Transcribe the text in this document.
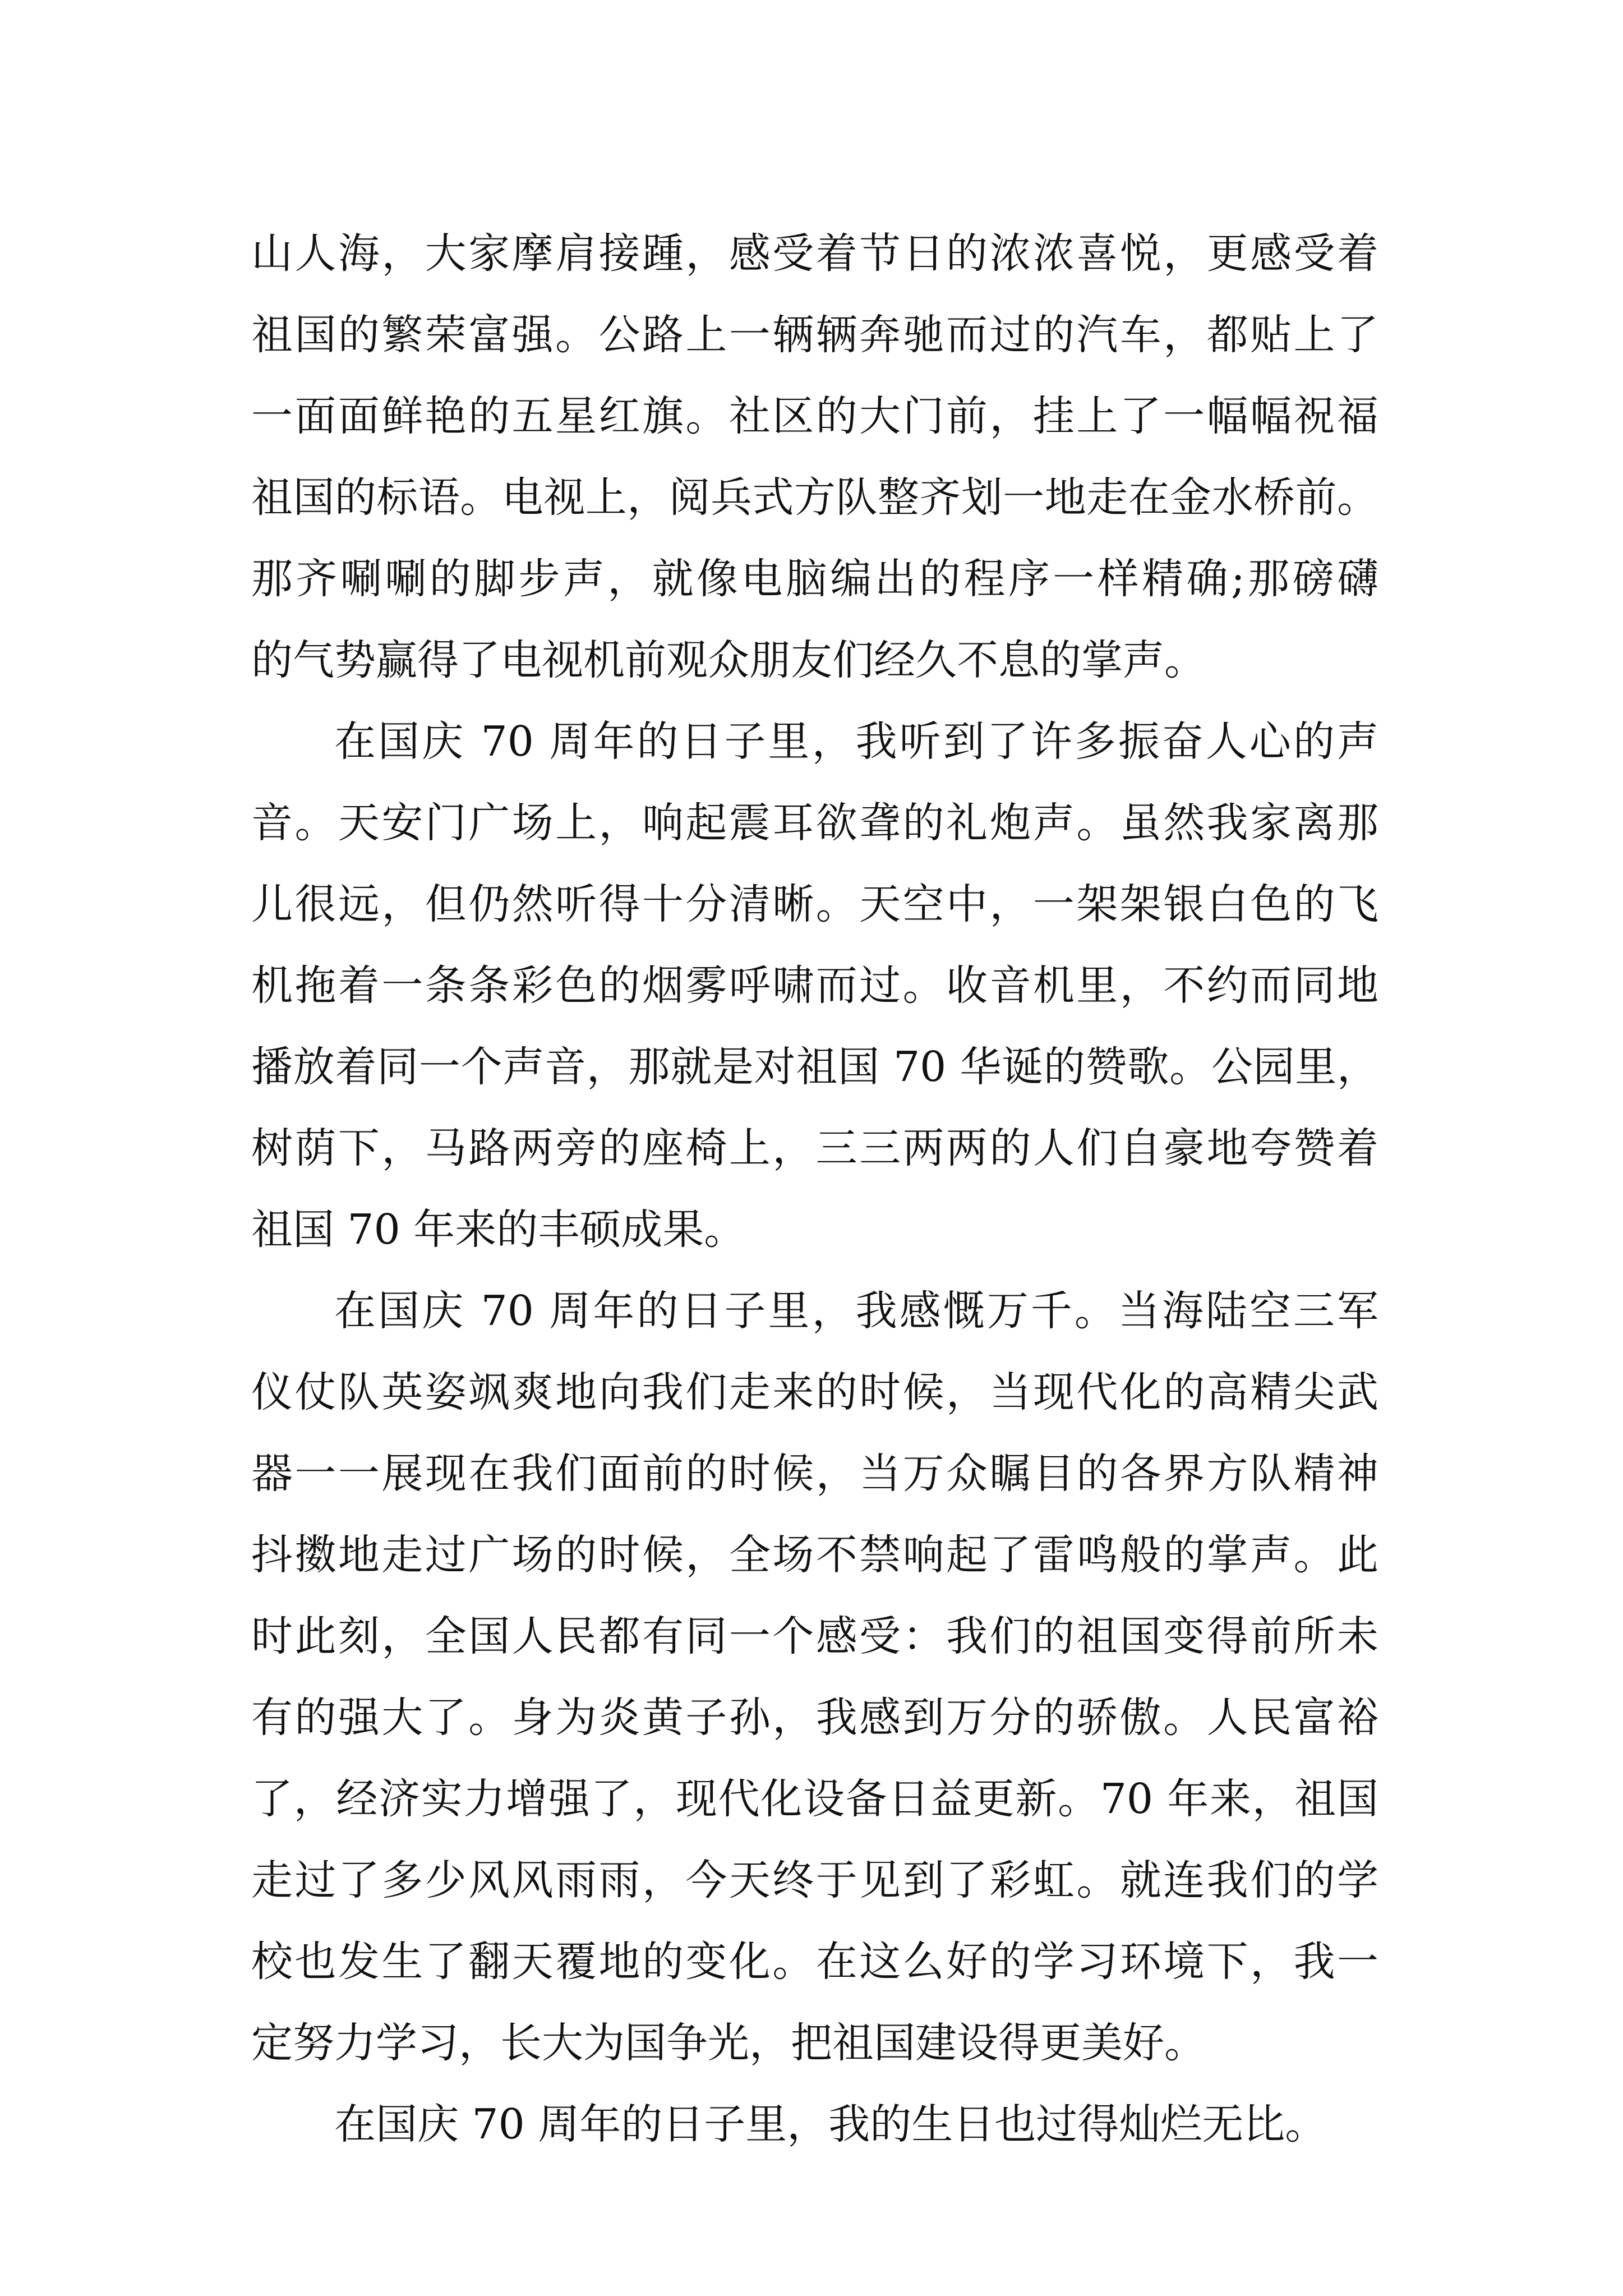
山人海，大家摩肩接踵，感受着节日的浓浓喜悦，更感受着
祖国的繁荣富强。公路上一辆辆奔驰而过的汽车，都贴上了
一面面鲜艳的五星红旗。社区的大门前，挂上了一幅幅祝福
祖国的标语。电视上，阅兵式方队整齐划一地走在金水桥前。
那齐唰唰的脚步声，就像电脑编出的程序一样精确;那磅礴
的气势赢得了电视机前观众朋友们经久不息的掌声。
在国庆 70 周年的日子里，我听到了许多振奋人心的声
音。天安门广场上，响起震耳欲聋的礼炮声。虽然我家离那
儿很远，但仍然听得十分清晰。天空中，一架架银白色的飞
机拖着一条条彩色的烟雾呼啸而过。收音机里，不约而同地
播放着同一个声音，那就是对祖国 70 华诞的赞歌。公园里，
树荫下，马路两旁的座椅上，三三两两的人们自豪地夸赞着
祖国 70 年来的丰硕成果。
在国庆 70 周年的日子里，我感慨万千。当海陆空三军
仪仗队英姿飒爽地向我们走来的时候，当现代化的高精尖武
器一一展现在我们面前的时候，当万众瞩目的各界方队精神
抖擞地走过广场的时候，全场不禁响起了雷鸣般的掌声。此
时此刻，全国人民都有同一个感受：我们的祖国变得前所未
有的强大了。身为炎黄子孙，我感到万分的骄傲。人民富裕
了，经济实力增强了，现代化设备日益更新。70 年来，祖国
走过了多少风风雨雨，今天终于见到了彩虹。就连我们的学
校也发生了翻天覆地的变化。在这么好的学习环境下，我一
定努力学习，长大为国争光，把祖国建设得更美好。
在国庆 70 周年的日子里，我的生日也过得灿烂无比。
